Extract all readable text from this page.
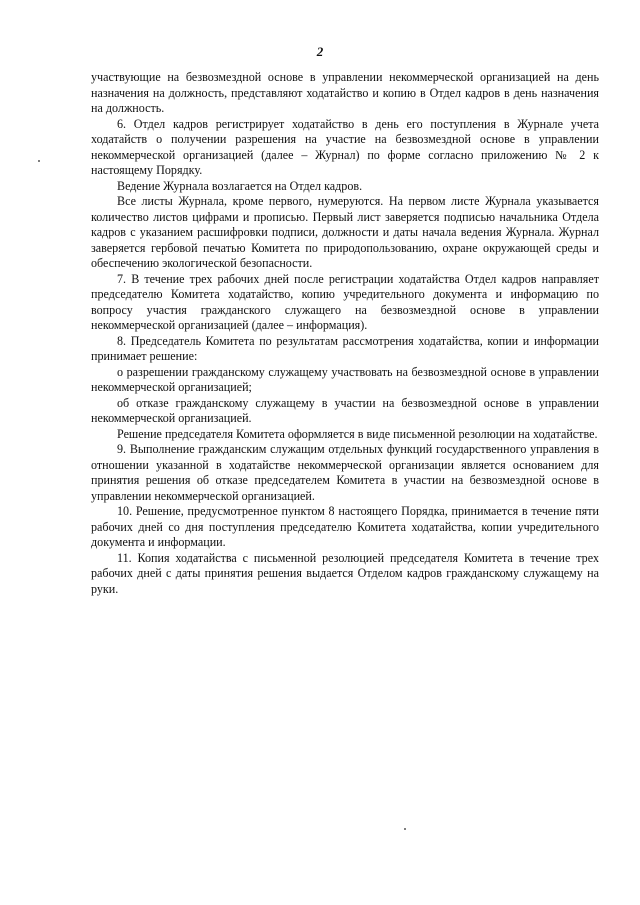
2

участвующие на безвозмездной основе в управлении некоммерческой организацией на день назначения на должность, представляют ходатайство и копию в Отдел кадров в день назначения на должность.

6. Отдел кадров регистрирует ходатайство в день его поступления в Журнале учета ходатайств о получении разрешения на участие на безвозмездной основе в управлении некоммерческой организацией (далее – Журнал) по форме согласно приложению № 2 к настоящему Порядку.

Ведение Журнала возлагается на Отдел кадров.

Все листы Журнала, кроме первого, нумеруются. На первом листе Журнала указывается количество листов цифрами и прописью. Первый лист заверяется подписью начальника Отдела кадров с указанием расшифровки подписи, должности и даты начала ведения Журнала. Журнал заверяется гербовой печатью Комитета по природопользованию, охране окружающей среды и обеспечению экологической безопасности.

7. В течение трех рабочих дней после регистрации ходатайства Отдел кадров направляет председателю Комитета ходатайство, копию учредительного документа и информацию по вопросу участия гражданского служащего на безвозмездной основе в управлении некоммерческой организацией (далее – информация).

8. Председатель Комитета по результатам рассмотрения ходатайства, копии и информации принимает решение:

о разрешении гражданскому служащему участвовать на безвозмездной основе в управлении некоммерческой организацией;

об отказе гражданскому служащему в участии на безвозмездной основе в управлении некоммерческой организацией.

Решение председателя Комитета оформляется в виде письменной резолюции на ходатайстве.

9. Выполнение гражданским служащим отдельных функций государственного управления в отношении указанной в ходатайстве некоммерческой организации является основанием для принятия решения об отказе председателем Комитета в участии на безвозмездной основе в управлении некоммерческой организацией.

10. Решение, предусмотренное пунктом 8 настоящего Порядка, принимается в течение пяти рабочих дней со дня поступления председателю Комитета ходатайства, копии учредительного документа и информации.

11. Копия ходатайства с письменной резолюцией председателя Комитета в течение трех рабочих дней с даты принятия решения выдается Отделом кадров гражданскому служащему на руки.
